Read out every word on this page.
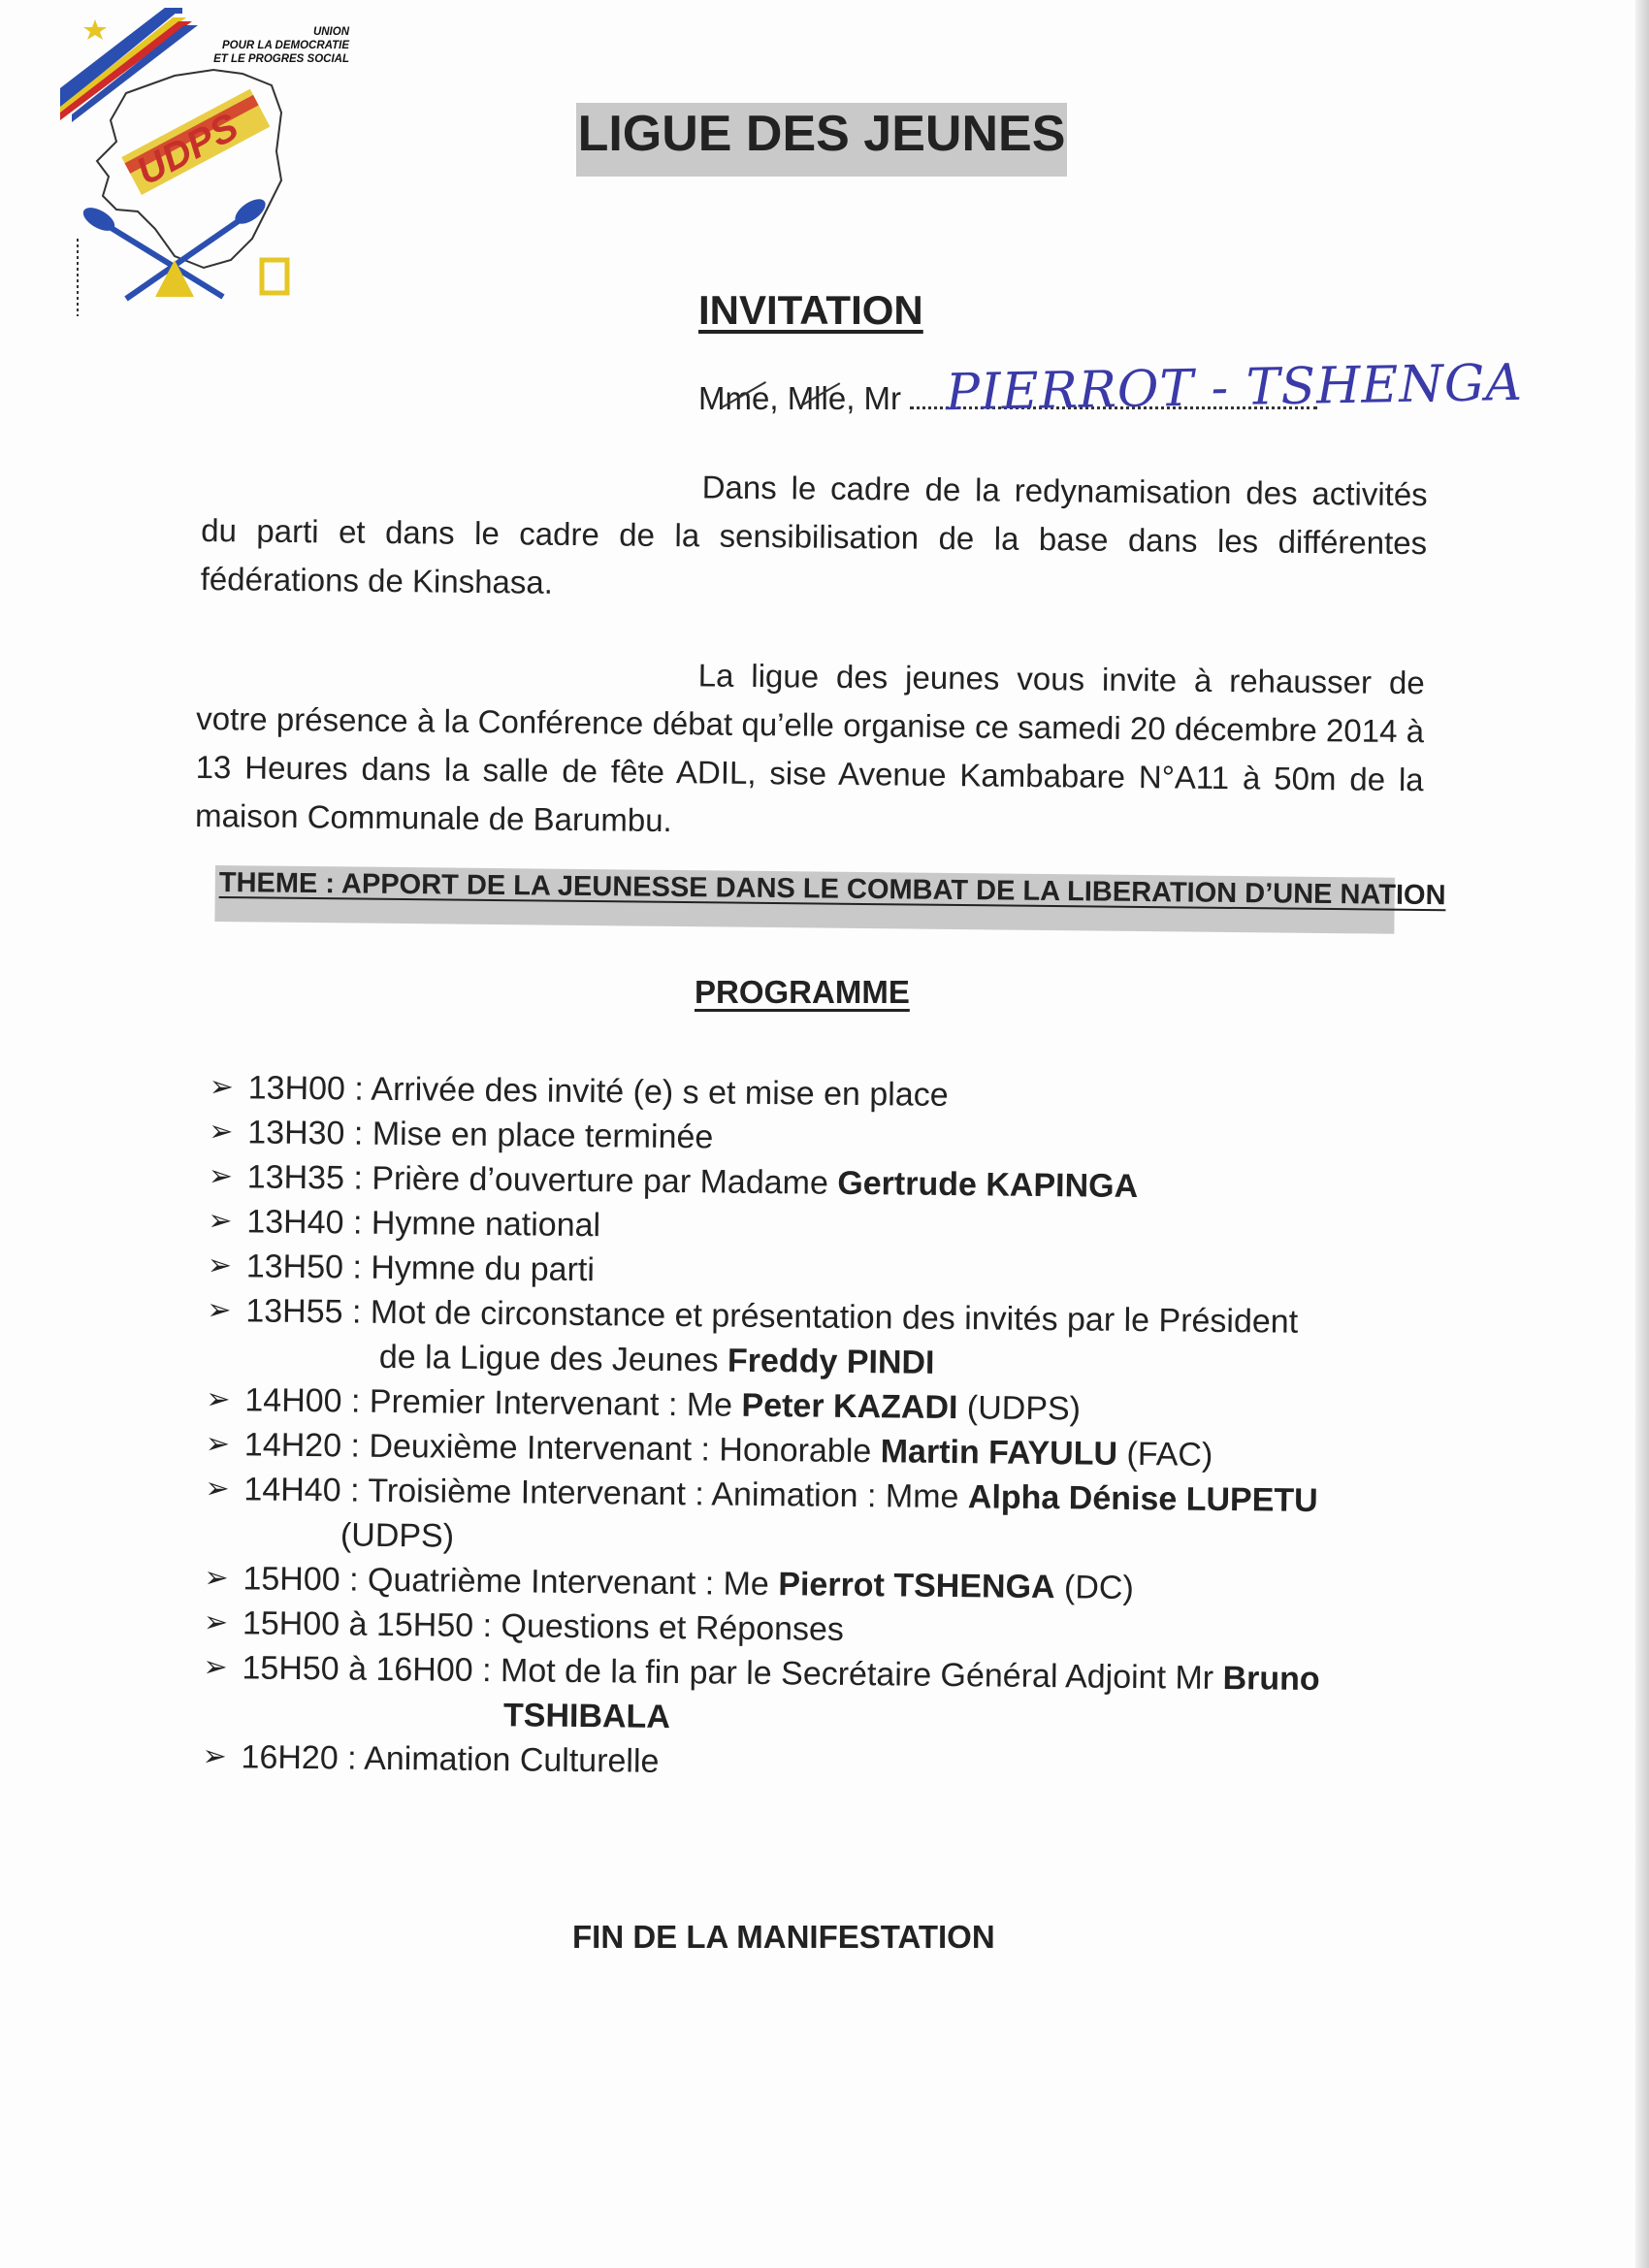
UNION
POUR LA DEMOCRATIE
ET LE PROGRES SOCIAL
UDPS	LIGUE DES JEUNES
INVITATION
Mme, Mlle, Mr PIERROT - TSHENGA
Dans le cadre de la redynamisation des activités du parti et dans le cadre de la sensibilisation de la base dans les différentes fédérations de Kinshasa.
La ligue des jeunes vous invite à rehausser de votre présence à la Conférence débat qu’elle organise ce samedi 20 décembre 2014 à 13 Heures dans la salle de fête ADIL, sise Avenue Kambabare N°A11 à 50m de la maison Communale de Barumbu.
THEME : APPORT DE LA JEUNESSE DANS LE COMBAT DE LA LIBERATION D’UNE NATION
PROGRAMME
➢ 13H00 : Arrivée des invité (e) s et mise en place
➢ 13H30 : Mise en place terminée
➢ 13H35 : Prière d’ouverture par Madame Gertrude KAPINGA
➢ 13H40 : Hymne national
➢ 13H50 : Hymne du parti
➢ 13H55 : Mot de circonstance et présentation des invités par le Président
de la Ligue des Jeunes Freddy PINDI
➢ 14H00 : Premier Intervenant : Me Peter KAZADI (UDPS)
➢ 14H20 : Deuxième Intervenant : Honorable Martin FAYULU (FAC)
➢ 14H40 : Troisième Intervenant : Animation : Mme Alpha Dénise LUPETU
(UDPS)
➢ 15H00 : Quatrième Intervenant : Me Pierrot TSHENGA (DC)
➢ 15H00 à 15H50 : Questions et Réponses
➢ 15H50 à 16H00 : Mot de la fin par le Secrétaire Général Adjoint Mr Bruno
TSHIBALA
➢ 16H20 : Animation Culturelle
FIN DE LA MANIFESTATION
